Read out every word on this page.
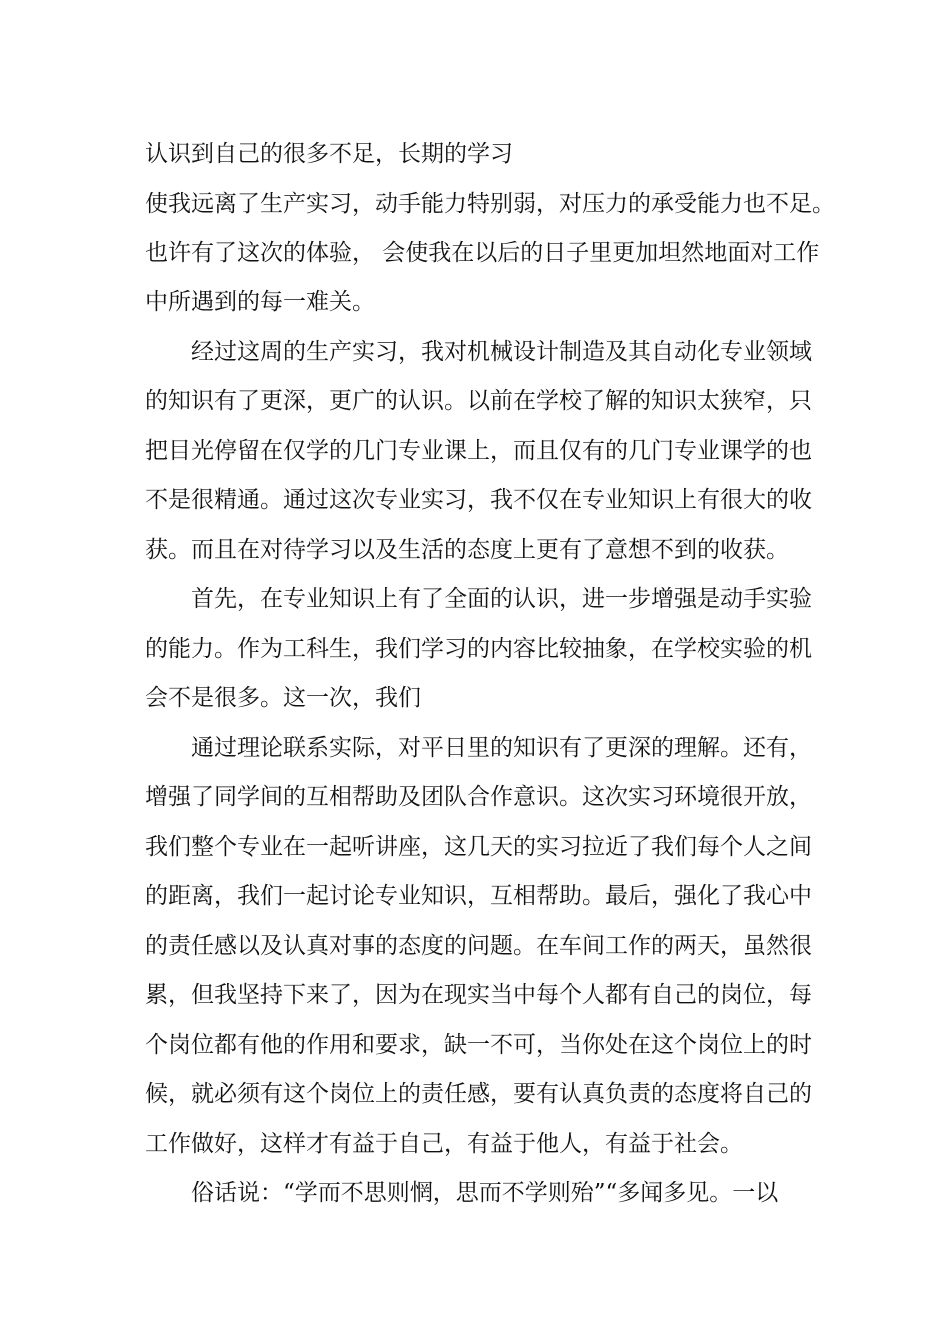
认识到自己的很多不足，长期的学习

使我远离了生产实习，动手能力特别弱，对压力的承受能力也不足。

也许有了这次的体验， 会使我在以后的日子里更加坦然地面对工作

中所遇到的每一难关。

经过这周的生产实习，我对机械设计制造及其自动化专业领域

的知识有了更深，更广的认识。以前在学校了解的知识太狭窄，只

把目光停留在仅学的几门专业课上，而且仅有的几门专业课学的也

不是很精通。通过这次专业实习，我不仅在专业知识上有很大的收

获。而且在对待学习以及生活的态度上更有了意想不到的收获。

首先，在专业知识上有了全面的认识，进一步增强是动手实验

的能力。作为工科生，我们学习的内容比较抽象，在学校实验的机

会不是很多。这一次，我们

通过理论联系实际，对平日里的知识有了更深的理解。还有，

增强了同学间的互相帮助及团队合作意识。这次实习环境很开放，

我们整个专业在一起听讲座，这几天的实习拉近了我们每个人之间

的距离，我们一起讨论专业知识，互相帮助。最后，强化了我心中

的责任感以及认真对事的态度的问题。在车间工作的两天，虽然很

累，但我坚持下来了，因为在现实当中每个人都有自己的岗位，每

个岗位都有他的作用和要求，缺一不可，当你处在这个岗位上的时

候，就必须有这个岗位上的责任感，要有认真负责的态度将自己的

工作做好，这样才有益于自己，有益于他人，有益于社会。

俗话说：“学而不思则惘，思而不学则殆”“多闻多见。一以
